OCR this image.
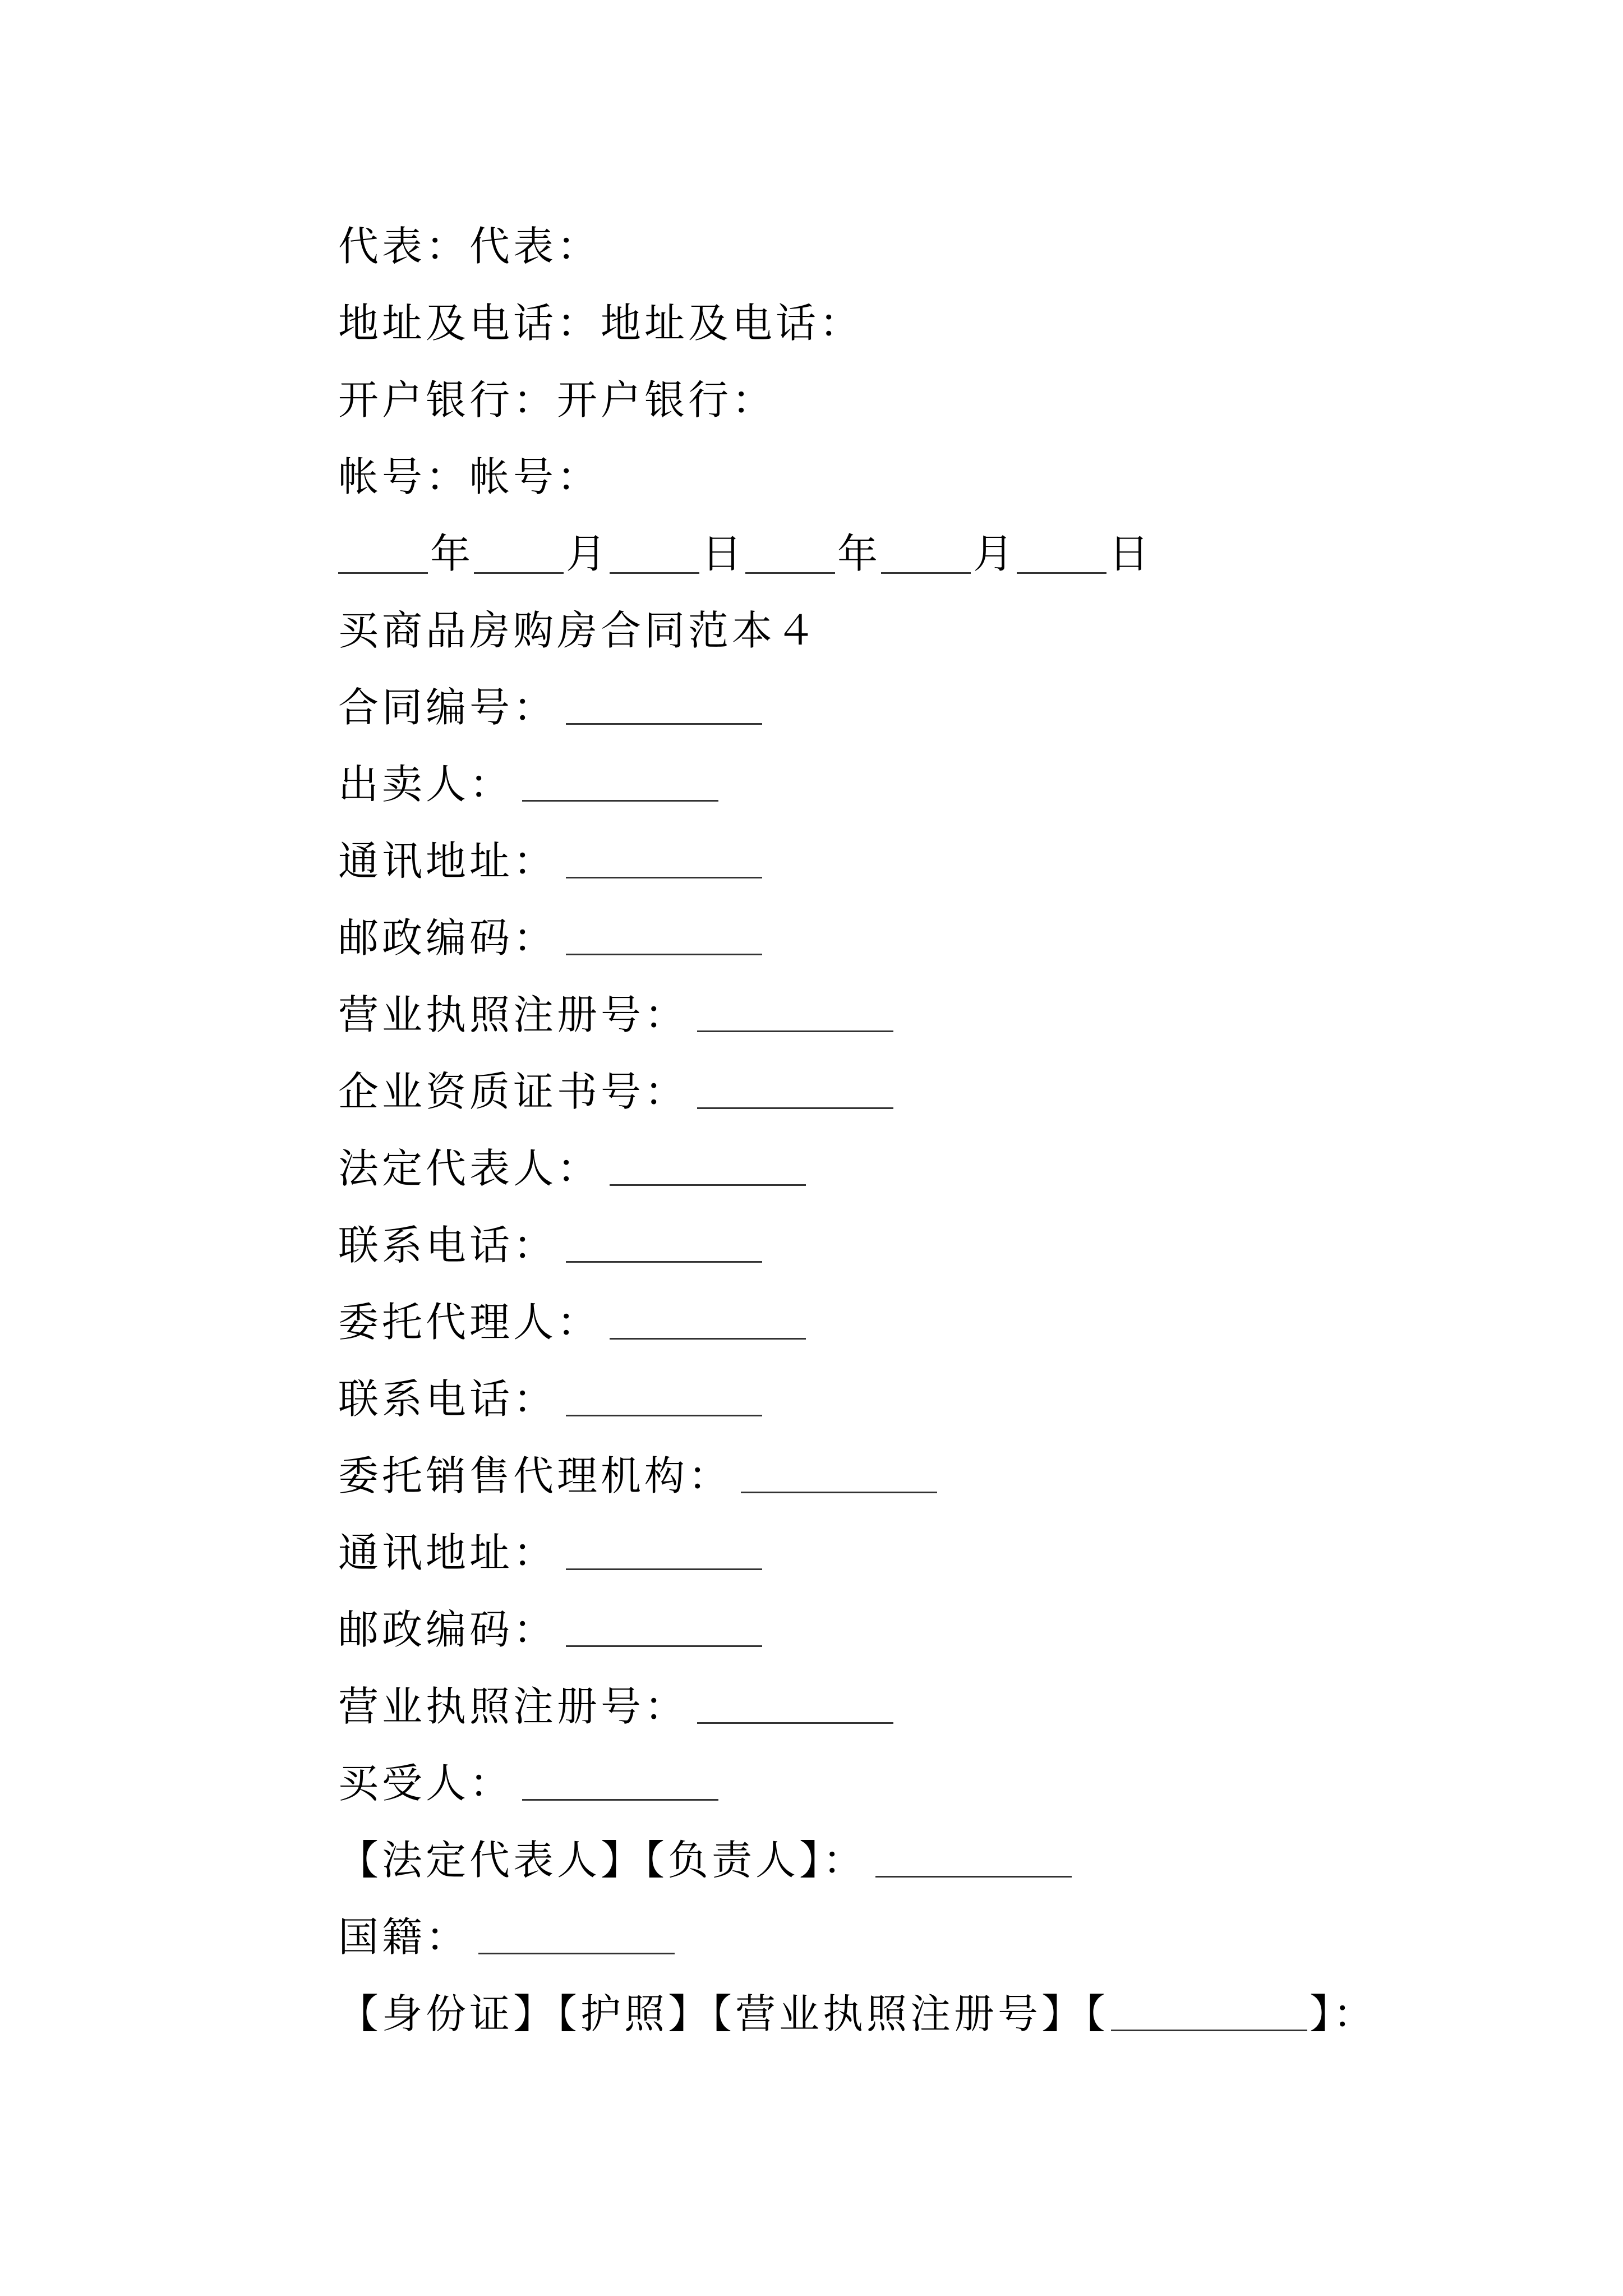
代表：代表：
地址及电话：地址及电话：
开户银行：开户银行：
帐号：帐号：
年 月 日 年 月 日
买商品房购房合同范本４
合同编号：
出卖人：
通讯地址：
邮政编码：
营业执照注册号：
企业资质证书号：
法定代表人：
联系电话：
委托代理人：
联系电话：
委托销售代理机构：
通讯地址：
邮政编码：
营业执照注册号：
买受人：
【法定代表人】【负责人】：
国籍：
【身份证】【护照】【营业执照注册号】【	】：
